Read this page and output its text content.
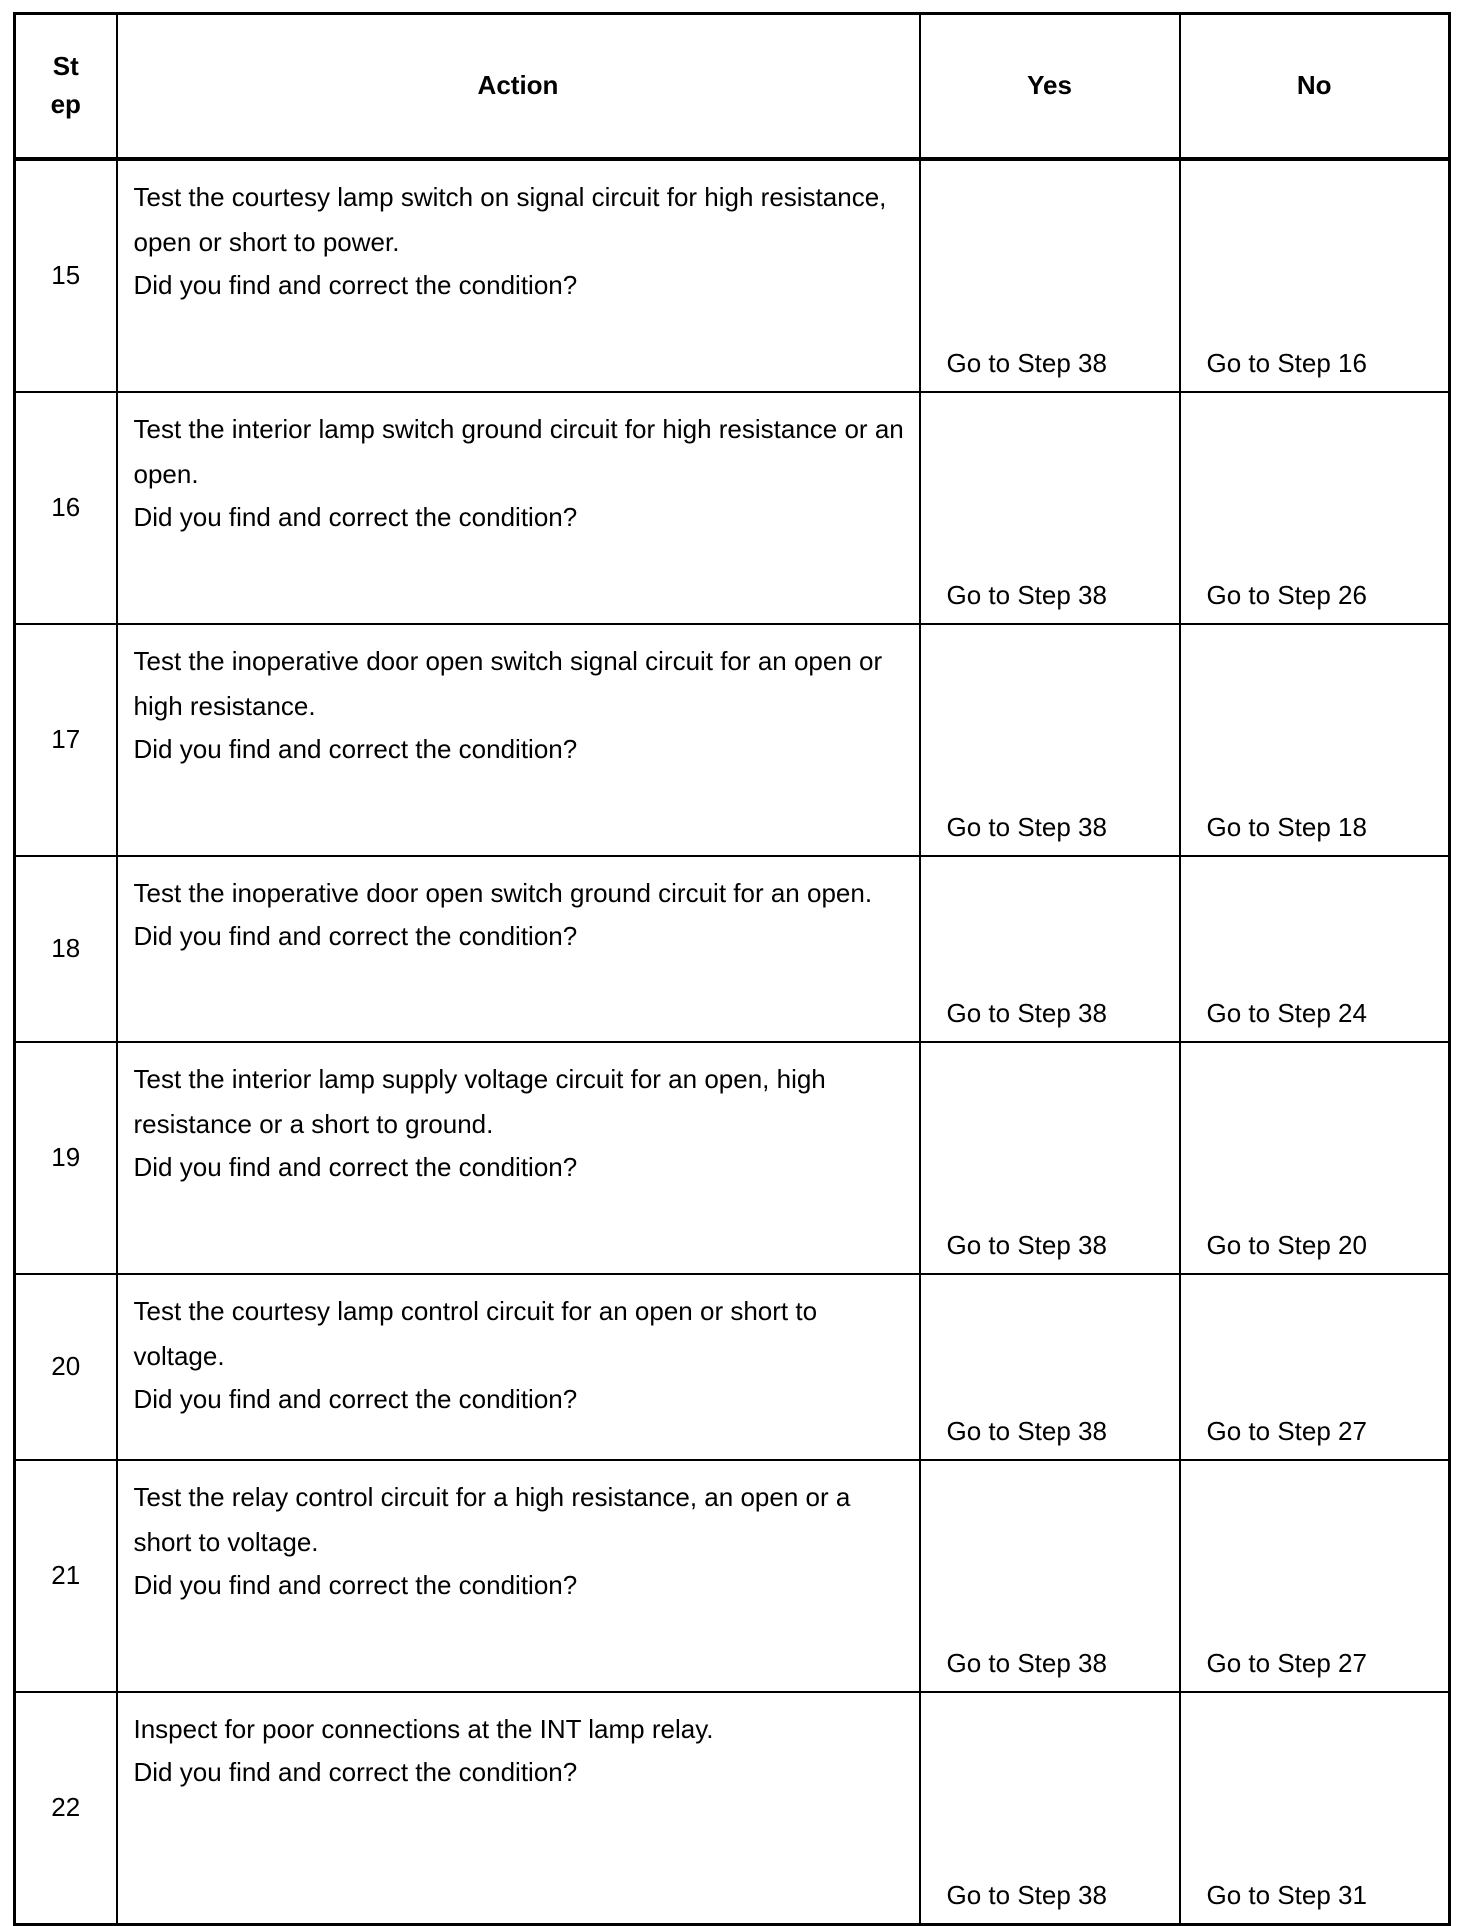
Step	Action	Yes	No
15	Test the courtesy lamp switch on signal circuit for high resistance, open or short to power.

Did you find and correct the condition?	Go to Step 38	Go to Step 16
16	Test the interior lamp switch ground circuit for high resistance or an open.

Did you find and correct the condition?	Go to Step 38	Go to Step 26
17	Test the inoperative door open switch signal circuit for an open or high resistance.

Did you find and correct the condition?	Go to Step 38	Go to Step 18
18	Test the inoperative door open switch ground circuit for an open.

Did you find and correct the condition?	Go to Step 38	Go to Step 24
19	Test the interior lamp supply voltage circuit for an open, high resistance or a short to ground.

Did you find and correct the condition?	Go to Step 38	Go to Step 20
20	Test the courtesy lamp control circuit for an open or short to voltage.

Did you find and correct the condition?	Go to Step 38	Go to Step 27
21	Test the relay control circuit for a high resistance, an open or a short to voltage.

Did you find and correct the condition?	Go to Step 38	Go to Step 27
22	Inspect for poor connections at the INT lamp relay.

Did you find and correct the condition?	Go to Step 38	Go to Step 31
